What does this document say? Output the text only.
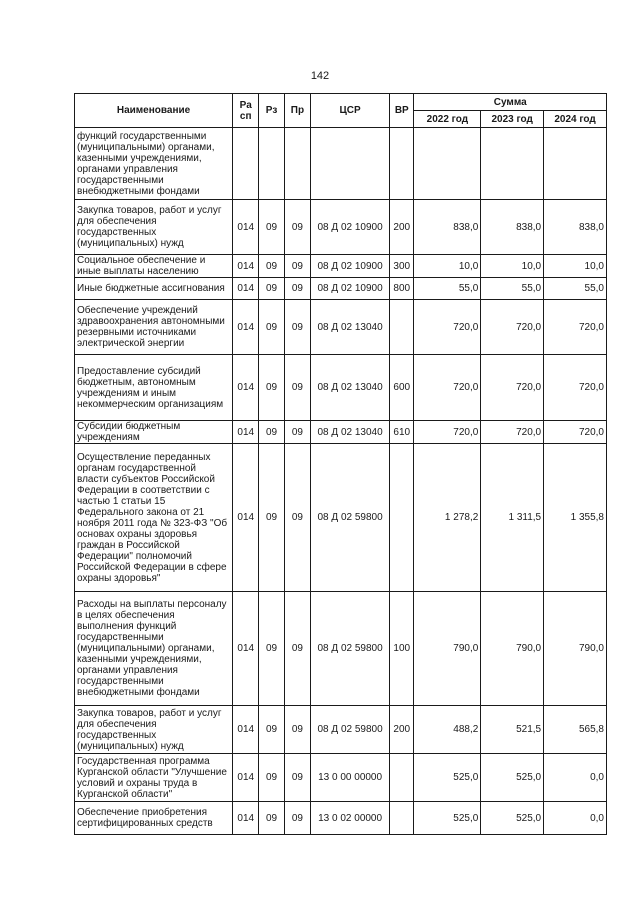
142
Наименование	Ра сп	Рз	Пр	ЦСР	ВР	Сумма		
						2022 год	2023 год	2024 год
функций государственными (муниципальными) органами, казенными учреждениями, органами управления государственными внебюджетными фондами								
Закупка товаров, работ и услуг для обеспечения государственных (муниципальных) нужд	014	09	09	08 Д 02 10900	200	838,0	838,0	838,0
Социальное обеспечение и иные выплаты населению	014	09	09	08 Д 02 10900	300	10,0	10,0	10,0
Иные бюджетные ассигнования	014	09	09	08 Д 02 10900	800	55,0	55,0	55,0
Обеспечение учреждений здравоохранения автономными резервными источниками электрической энергии	014	09	09	08 Д 02 13040		720,0	720,0	720,0
Предоставление субсидий бюджетным, автономным учреждениям и иным некоммерческим организациям	014	09	09	08 Д 02 13040	600	720,0	720,0	720,0
Субсидии бюджетным учреждениям	014	09	09	08 Д 02 13040	610	720,0	720,0	720,0
Осуществление переданных органам государственной власти субъектов Российской Федерации в соответствии с частью 1 статьи 15 Федерального закона от 21 ноября 2011 года № 323-ФЗ "Об основах охраны здоровья граждан в Российской Федерации" полномочий Российской Федерации в сфере охраны здоровья"	014	09	09	08 Д 02 59800		1 278,2	1 311,5	1 355,8
Расходы на выплаты персоналу в целях обеспечения выполнения функций государственными (муниципальными) органами, казенными учреждениями, органами управления государственными внебюджетными фондами	014	09	09	08 Д 02 59800	100	790,0	790,0	790,0
Закупка товаров, работ и услуг для обеспечения государственных (муниципальных) нужд	014	09	09	08 Д 02 59800	200	488,2	521,5	565,8
Государственная программа Курганской области "Улучшение условий и охраны труда в Курганской области"	014	09	09	13 0 00 00000		525,0	525,0	0,0
Обеспечение приобретения сертифицированных средств	014	09	09	13 0 02 00000		525,0	525,0	0,0
